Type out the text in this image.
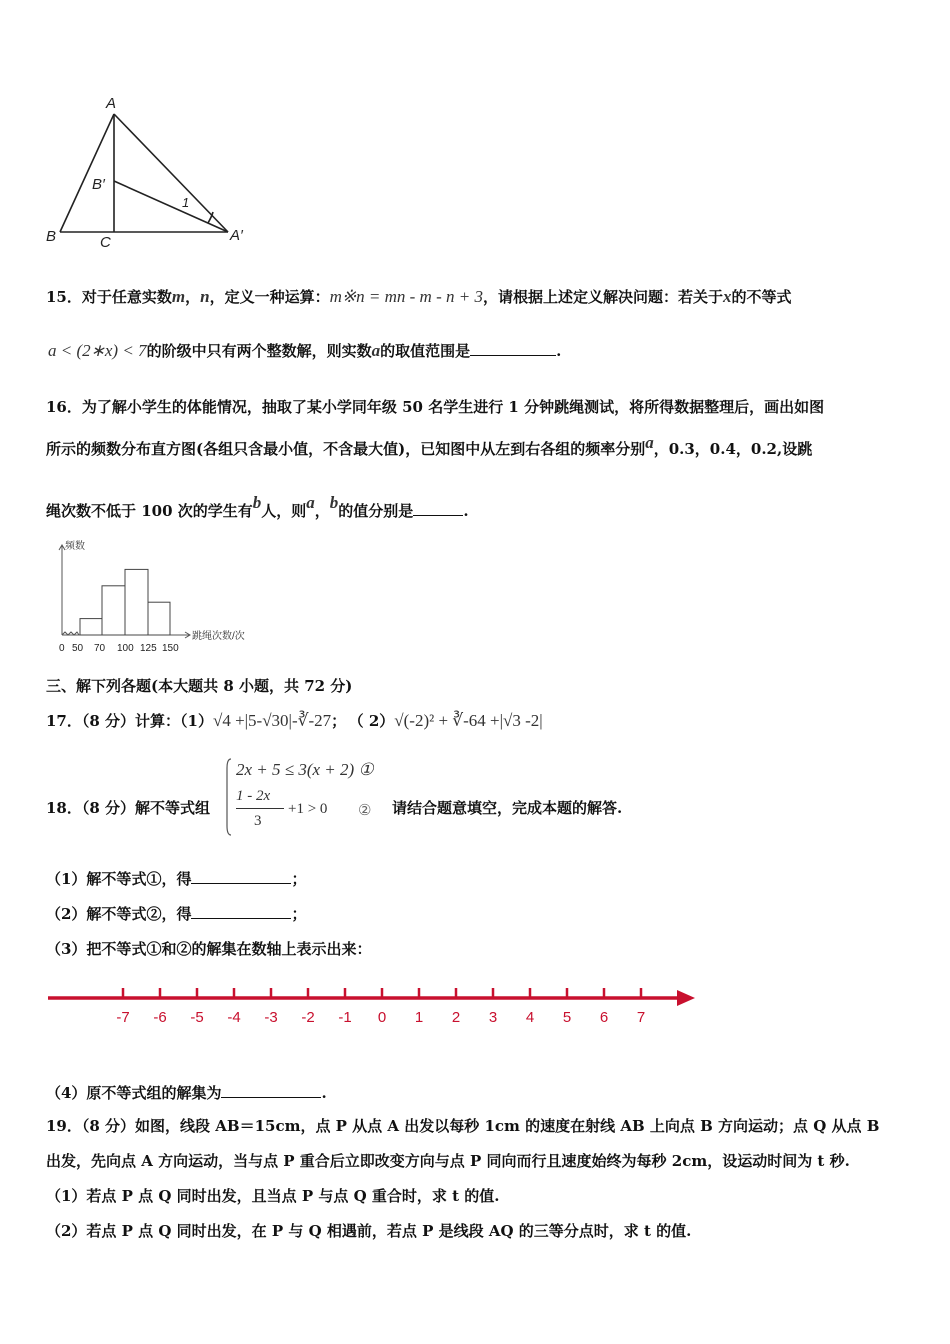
A
B′
B	C	A′
1
15．对于任意实数m，n，定义一种运算：m※n = mn - m - n + 3，请根据上述定义解决问题：若关于x的不等式
a < (2∗x) < 7的阶级中只有两个整数解，则实数a的取值范围是	.
16．为了解小学生的体能情况，抽取了某小学同年级 50 名学生进行 1 分钟跳绳测试，将所得数据整理后，画出如图
所示的频数分布直方图(各组只含最小值，不含最大值)，已知图中从左到右各组的频率分别a，0.3，0.4，0.2,设跳
绳次数不低于 100 次的学生有b人，则a，b的值分别是	.
频数
跳绳次数/次
0 50 70 100 125 150
三、解下列各题(本大题共 8 小题，共 72 分)
17．（8 分）计算：（1）√4 +|5-√30|-∛-27； （ 2）√(-2)² + ∛-64 +|√3 -2|
18．（8 分）解不等式组
2x + 5 ≤ 3(x + 2) ①
1 - 2x
3
+1 > 0 ② 请结合题意填空，完成本题的解答.
（1）解不等式①，得	；
（2）解不等式②，得	；
（3）把不等式①和②的解集在数轴上表示出来：
-7 -6 -5 -4 -3 -2 -1 0 1 2 3 4 5 6 7
（4）原不等式组的解集为	.
19．（8 分）如图，线段 AB＝15cm，点 P 从点 A 出发以每秒 1cm 的速度在射线 AB 上向点 B 方向运动；点 Q 从点 B
出发，先向点 A 方向运动，当与点 P 重合后立即改变方向与点 P 同向而行且速度始终为每秒 2cm，设运动时间为 t 秒.
（1）若点 P 点 Q 同时出发，且当点 P 与点 Q 重合时，求 t 的值.
（2）若点 P 点 Q 同时出发，在 P 与 Q 相遇前，若点 P 是线段 AQ 的三等分点时，求 t 的值.
